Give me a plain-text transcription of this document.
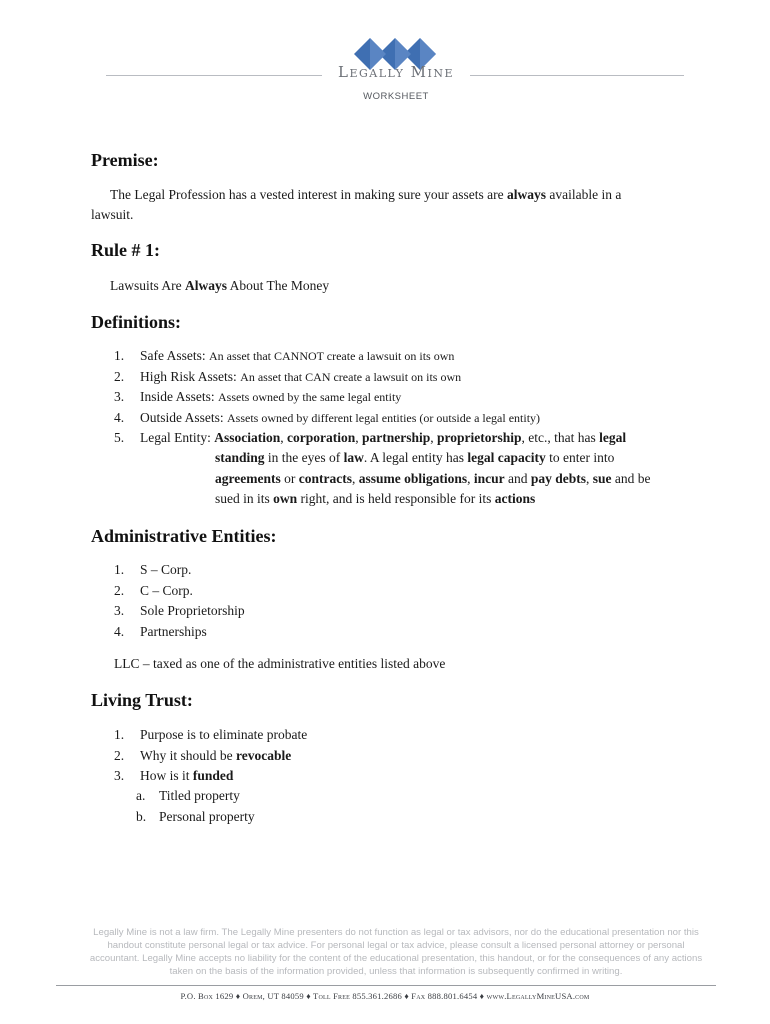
Legally Mine
WORKSHEET
Premise:
The Legal Profession has a vested interest in making sure your assets are always available in a
lawsuit.
Rule # 1:
Lawsuits Are Always About The Money
Definitions:
1. Safe Assets: An asset that CANNOT create a lawsuit on its own
2. High Risk Assets: An asset that CAN create a lawsuit on its own
3. Inside Assets: Assets owned by the same legal entity
4. Outside Assets: Assets owned by different legal entities (or outside a legal entity)
5. Legal Entity: Association, corporation, partnership, proprietorship, etc., that has legal
standing in the eyes of law. A legal entity has legal capacity to enter into
agreements or contracts, assume obligations, incur and pay debts, sue and be
sued in its own right, and is held responsible for its actions
Administrative Entities:
1. S – Corp.
2. C – Corp.
3. Sole Proprietorship
4. Partnerships
LLC – taxed as one of the administrative entities listed above
Living Trust:
1. Purpose is to eliminate probate
2. Why it should be revocable
3. How is it funded
a. Titled property
b. Personal property
Legally Mine is not a law firm. The Legally Mine presenters do not function as legal or tax advisors, nor do the educational presentation nor this handout constitute personal legal or tax advice. For personal legal or tax advice, please consult a licensed personal attorney or personal accountant. Legally Mine accepts no liability for the content of the educational presentation, this handout, or for the consequences of any actions taken on the basis of the information provided, unless that information is subsequently confirmed in writing.
P.O. Box 1629 ♦ Orem, UT 84059 ♦ Toll Free 855.361.2686 ♦ Fax 888.801.6454 ♦ www.LegallyMineUSA.com
